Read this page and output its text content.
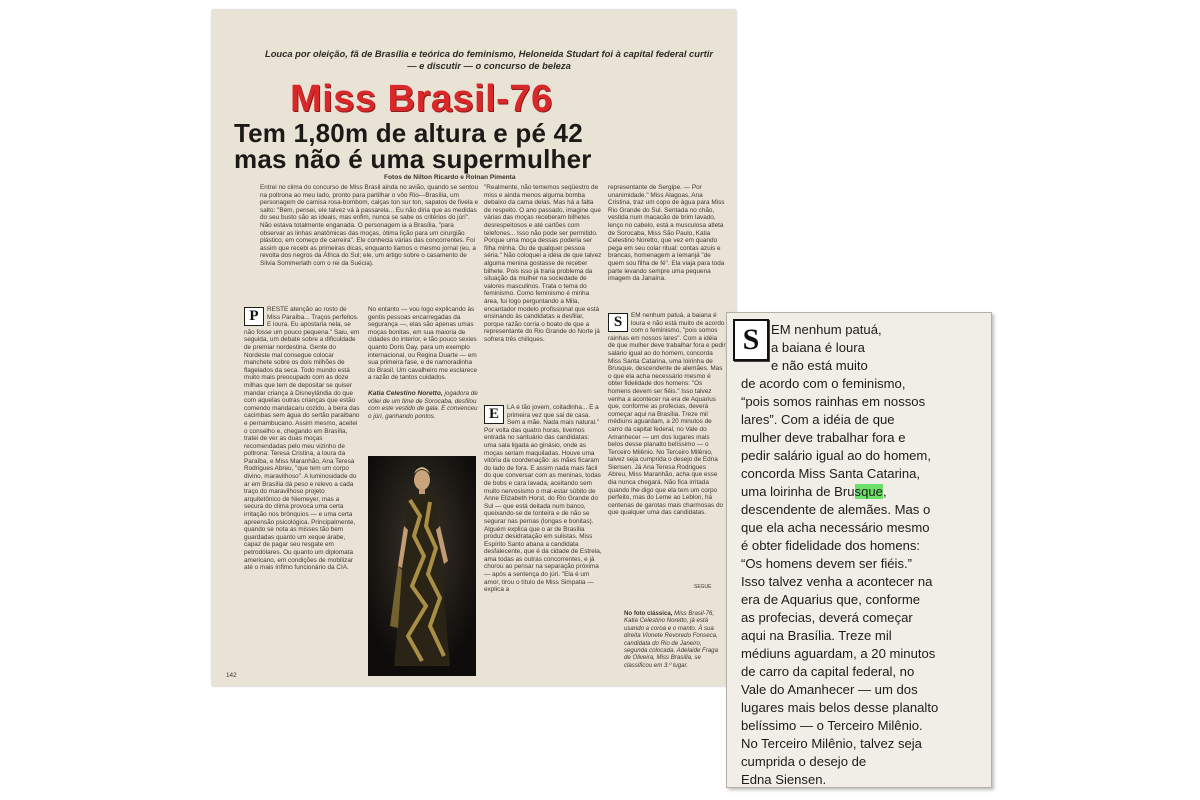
Louca por oleição, fã de Brasília e teórica do feminismo, Heloneida Studart foi à capital federal curtir — e discutir — o concurso de beleza

Miss Brasil-76
Tem 1,80m de altura e pé 42
mas não é uma supermulher
Fotos de Nilton Ricardo e Rolnan Pimenta

Entrei no clima do concurso de Miss Brasil ainda no avião, quando se sentou na poltrona ao meu lado, pronto para partilhar o vôo Rio—Brasília, um personagem de camisa rosa-bombom, calças ton sur ton, sapatos de fivela e salto: "Bem, pensei, ele talvez vá à passarela... Eu não diria que as medidas do seu busto são as ideais, mas enfim, nunca se sabe os critérios do júri". Não estava totalmente enganada. O personagem ia a Brasília, "para observar as linhas anatômicas das moças, ótima lição para um cirurgião plástico, em começo de carreira". Ele conhecia várias das concorrentes. Foi assim que recebi as primeiras dicas, enquanto líamos o mesmo jornal (eu, a revolta dos negros da África do Sul; ele, um artigo sobre o casamento de Silvia Sommerlath com o rei da Suécia).

P	RESTE atenção ao rosto de Miss Paraíba... Traços perfeitos. E loura. Eu apostaria nela, se não fosse um pouco pequena." Saiu, em seguida, um debate sobre a dificuldade de premiar nordestina. Gente do Nordeste mal consegue colocar manchete sobre os dois milhões de flagelados da seca. Todo mundo está muito mais preocupado com as doze milhas que tem de depositar se quiser mandar criança à Disneylândia do que com aquelas outras crianças que estão comendo mandacaru cozido, à beira das cacimbas sem água do sertão paraibano e pernambucano. Assim mesmo, aceitei o conselho e, chegando em Brasília, tratei de ver as duas moças recomendadas pelo meu vizinho de poltrona: Teresa Cristina, a loura da Paraíba, e Miss Maranhão, Ana Teresa Rodrigues Abreu, "que tem um corpo divino, maravilhoso". A luminosidade do ar em Brasília dá peso e relevo a cada traço do maravilhoso projeto arquitetônico de Niemeyer, mas a secura do clima provoca uma certa irritação nos brônquios — e uma certa apreensão psicológica. Principalmente, quando se nota as misses tão bem guardadas quanto um xeque árabe, capaz de pagar seu resgate em petrodólares. Ou quanto um diplomata americano, em condições de mobilizar até o mais ínfimo funcionário da CIA.
No entanto — vou logo explicando às gentis pessoas encarregadas da segurança —, elas são apenas umas moças bonitas, em sua maioria de cidades do interior, e tão pouco sexies quanto Doris Day, para um exemplo internacional, ou Regina Duarte — em sua primeira fase, e de namoradinha do Brasil. Um cavalheiro me esclarece a razão de tantos cuidados.
Katia Celestino Noretto, jogadora de vôlei de um time de Sorocaba, desfilou com este vestido de gala. E convenceu o júri, ganhando pontos.
"Realmente, não tememos seqüestro de miss e ainda menos alguma bomba debaixo da cama delas. Mas há a falta de respeito. O ano passado, imagine que várias das moças receberam bilhetes desrespeitosos e até cartões com telefones... Isso não pode ser permitido. Porque uma moça dessas poderia ser filha minha. Ou de qualquer pessoa séria." Não coloquei a idéia de que talvez alguma menina gostasse de receber bilhete. Pois isso já traria problema da situação da mulher na sociedade de valores masculinos. Trata o tema do feminismo. Como feminismo é minha área, fui logo perguntando a Mila, encantador modelo profissional que está ensinando às candidatas a desfilar, porque razão corria o boato de que a representante do Rio Grande do Norte já sofrera três chiliques.
E	LA é tão jovem, coitadinha... É a primeira vez que sai de casa. Sem a mãe. Nada mais natural." Por volta das quatro horas, tivemos entrada no santuário das candidatas: uma sala ligada ao ginásio, onde as moças seriam maquiladas. Houve uma vitória da coordenação: as mães ficaram do lado de fora. E assim nada mais fácil do que conversar com as meninas, todas de bobs e cara lavada, aceitando sem muito nervosismo o mal-estar súbito de Anne Elizabeth Horst, do Rio Grande do Sul — que está deitada num banco, queixando-se de tonteira e de não se segurar nas pernas (longas e bonitas). Alguém explica que o ar de Brasília produz desidratação em sulistas. Miss Espírito Santo abana a candidata desfalecente, que é da cidade de Estrela, ama todas as outras concorrentes, e já chorou ao pensar na separação próxima — após a sentença do júri. "Ela é um amor, tirou o título de Miss Simpatia — explica a
representante de Sergipe. — Por unanimidade." Miss Alagoas, Ana Cristina, traz um copo de água para Miss Rio Grande do Sul. Sentada no chão, vestida num macacão de brim lavado, lenço no cabelo, está a musculosa atleta de Sorocaba, Miss São Paulo, Katia Celestino Noretto, que vez em quando pega em seu colar ritual: contas azuis e brancas, homenagem a Iemanjá "de quem sou filha de fé". Ela viaja para toda parte levando sempre uma pequena imagem da Janaína.
S	EM nenhum patuá, a baiana é loura e não está muito de acordo com o feminismo, "pois somos rainhas em nossos lares". Com a idéia de que mulher deve trabalhar fora e pedir salário igual ao do homem, concorda Miss Santa Catarina, uma loirinha de Brusque, descendente de alemães. Mas o que ela acha necessário mesmo é obter fidelidade dos homens: "Os homens devem ser fiéis." Isso talvez venha a acontecer na era de Aquarius que, conforme as profecias, deverá começar aqui na Brasília. Treze mil médiuns aguardam, a 20 minutos de carro da capital federal, no Vale do Amanhecer — um dos lugares mais belos desse planalto belíssimo — o Terceiro Milênio. No Terceiro Milênio, talvez seja cumprida o desejo de Edna Siensen. Já Ana Teresa Rodrigues Abreu, Miss Maranhão, acha que esse dia nunca chegará. Não fica irritada quando lhe digo que ela tem um corpo perfeito, mas do Leme ao Leblon, há centenas de garotas mais charmosas do que qualquer uma das candidatas.
SEGUE
No foto clássica, Miss Brasil-76, Katia Celestino Noretto, já está usando a coroa e o manto. À sua direita Vionete Revoredo Fonseca, candidata do Rio de Janeiro, segunda colocada. Adelaide Fraga de Oliveira, Miss Brasília, se classificou em 3.º lugar.
142
S EM nenhum patuá,
a baiana é loura
e não está muito
de acordo com o feminismo,
“pois somos rainhas em nossos
lares”. Com a idéia de que
mulher deve trabalhar fora e
pedir salário igual ao do homem,
concorda Miss Santa Catarina,
uma loirinha de Brusque,
descendente de alemães. Mas o
que ela acha necessário mesmo
é obter fidelidade dos homens:
“Os homens devem ser fiéis.”
Isso talvez venha a acontecer na
era de Aquarius que, conforme
as profecias, deverá começar
aqui na Brasília. Treze mil
médiuns aguardam, a 20 minutos
de carro da capital federal, no
Vale do Amanhecer — um dos
lugares mais belos desse planalto
belíssimo — o Terceiro Milênio.
No Terceiro Milênio, talvez seja
cumprida o desejo de
Edna Siensen.
